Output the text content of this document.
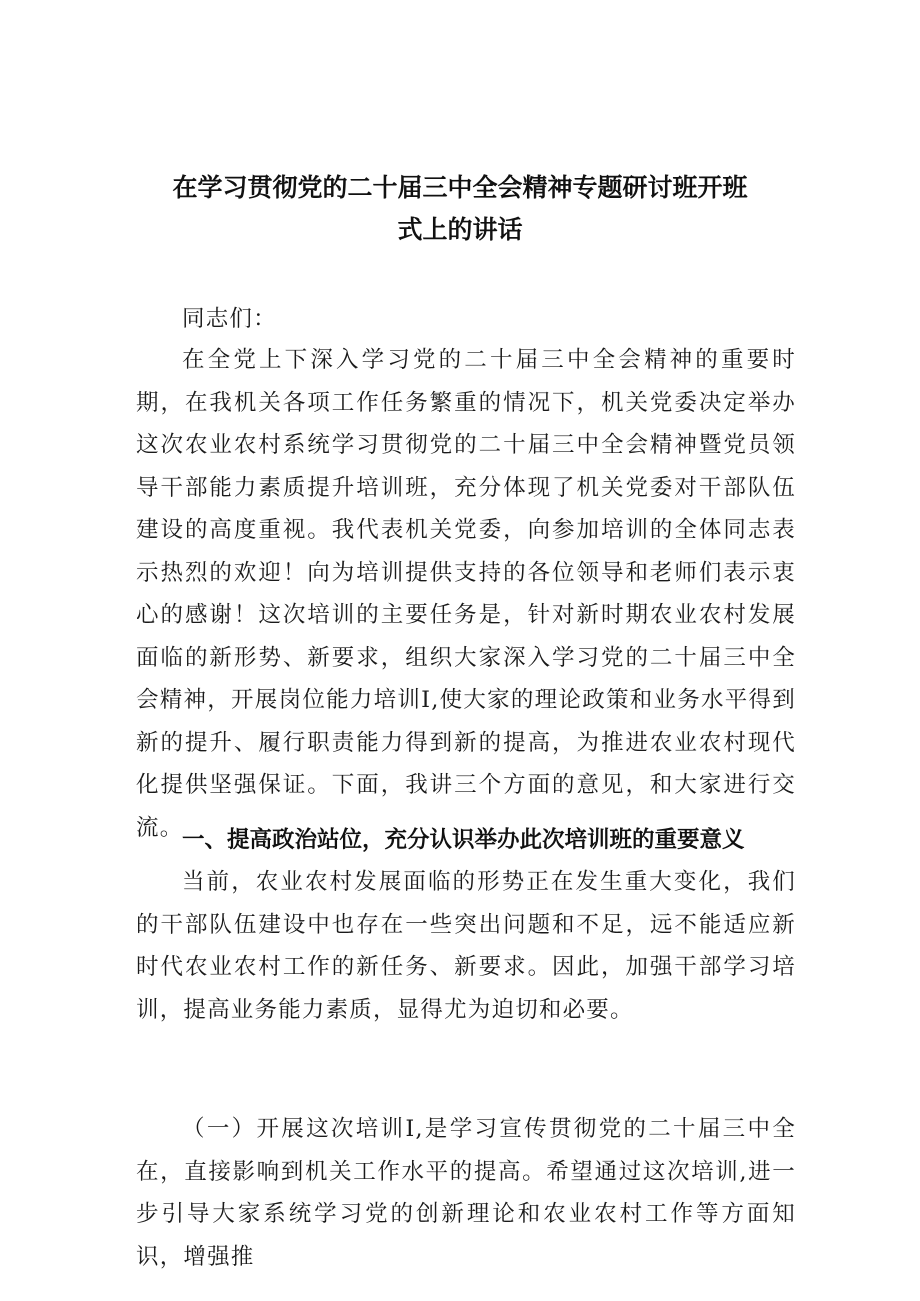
在学习贯彻党的二十届三中全会精神专题研讨班开班
式上的讲话
同志们：
在全党上下深入学习党的二十届三中全会精神的重要时期，在我机关各项工作任务繁重的情况下，机关党委决定举办这次农业农村系统学习贯彻党的二十届三中全会精神暨党员领导干部能力素质提升培训班，充分体现了机关党委对干部队伍建设的高度重视。我代表机关党委，向参加培训的全体同志表示热烈的欢迎！向为培训提供支持的各位领导和老师们表示衷心的感谢！这次培训的主要任务是，针对新时期农业农村发展面临的新形势、新要求，组织大家深入学习党的二十届三中全会精神，开展岗位能力培训I,使大家的理论政策和业务水平得到新的提升、履行职责能力得到新的提高，为推进农业农村现代化提供坚强保证。下面，我讲三个方面的意见，和大家进行交流。
一、提高政治站位，充分认识举办此次培训班的重要意义
当前，农业农村发展面临的形势正在发生重大变化，我们的干部队伍建设中也存在一些突出问题和不足，远不能适应新时代农业农村工作的新任务、新要求。因此，加强干部学习培训，提高业务能力素质，显得尤为迫切和必要。
（一）开展这次培训I,是学习宣传贯彻党的二十届三中全在，直接影响到机关工作水平的提高。希望通过这次培训,进一步引导大家系统学习党的创新理论和农业农村工作等方面知识，增强推
